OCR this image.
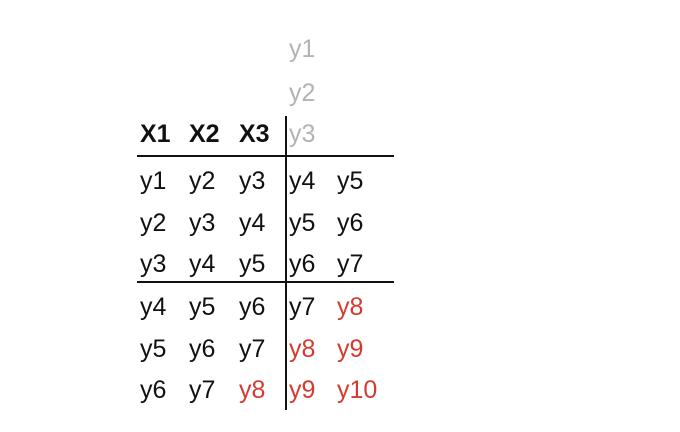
y1
y2
y3
X1 X2 X3
y1 y2 y3 y4 y5
y2 y3 y4 y5 y6
y3 y4 y5 y6 y7
y4 y5 y6 y7 y8
y5 y6 y7 y8 y9
y6 y7 y8 y9 y10
